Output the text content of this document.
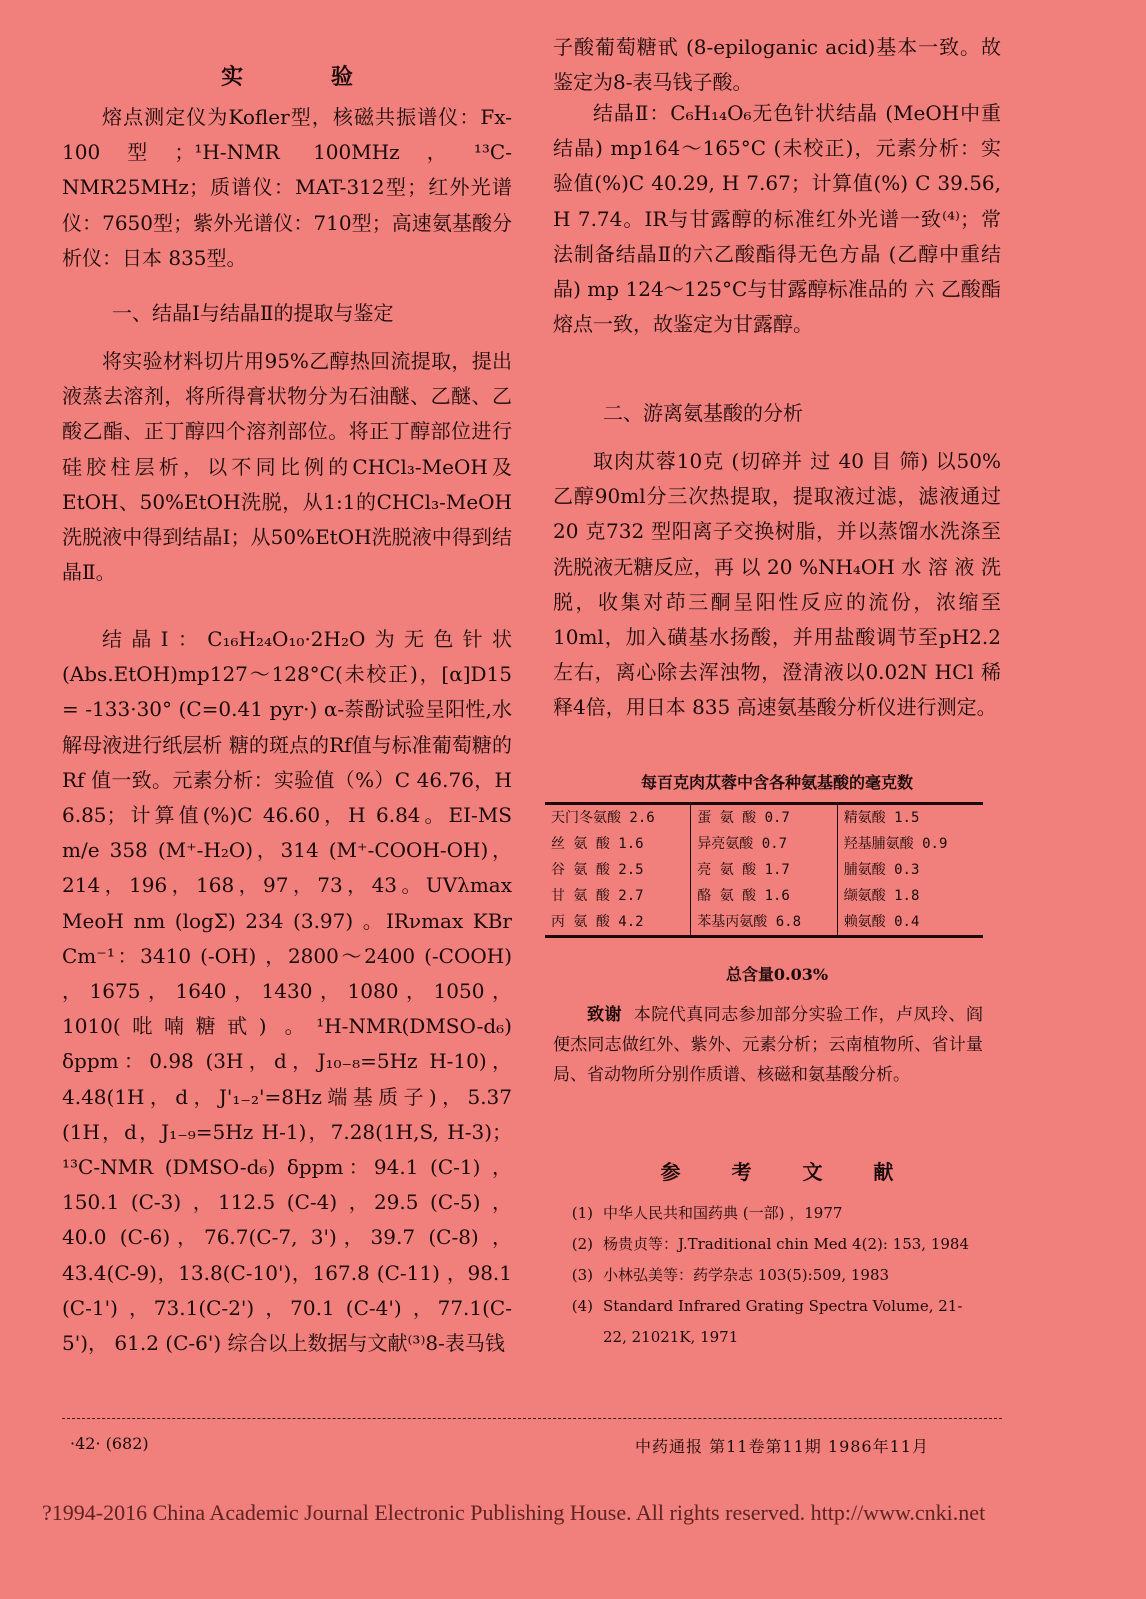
实 验

熔点测定仪为Kofler型，核磁共振谱仪：Fx-100型；¹H-NMR 100MHz，¹³C-NMR25MHz；质谱仪：MAT-312型；红外光谱仪：7650型；紫外光谱仪：710型；高速氨基酸分析仪：日本 835型。

一、结晶Ⅰ与结晶Ⅱ的提取与鉴定

将实验材料切片用95%乙醇热回流提取，提出液蒸去溶剂，将所得膏状物分为石油醚、乙醚、乙酸乙酯、正丁醇四个溶剂部位。将正丁醇部位进行硅胶柱层析，以不同比例的CHCl₃-MeOH及EtOH、50%EtOH洗脱，从1:1的CHCl₃-MeOH洗脱液中得到结晶Ⅰ；从50%EtOH洗脱液中得到结晶Ⅱ。

结晶Ⅰ：C₁₆H₂₄O₁₀·2H₂O为无色针状(Abs.EtOH)mp127～128°C(未校正)，[α]D15 = -133·30° (C=0.41 pyr·) α-萘酚试验呈阳性,水解母液进行纸层析 糖的斑点的Rf值与标准葡萄糖的 Rf 值一致。元素分析：实验值（%）C 46.76，H 6.85；计算值(%)C 46.60，H 6.84。EI-MS m/e 358 (M⁺-H₂O)，314 (M⁺-COOH-OH)，214，196，168，97，73，43。UVλmax MeoH nm (logΣ) 234 (3.97) 。IRνmax KBr Cm⁻¹：3410 (-OH) ，2800～2400 (-COOH) ，1675，1640，1430，1080，1050，1010(吡喃糖甙) 。¹H-NMR(DMSO-d₆) δppm：0.98 (3H，d，J₁₀₋₈=5Hz H-10)，4.48(1H，d，J'₁₋₂'=8Hz端基质子)，5.37 (1H，d，J₁₋₉=5Hz H-1)，7.28(1H,S, H-3)；¹³C-NMR (DMSO-d₆) δppm：94.1 (C-1) ，150.1 (C-3) ，112.5 (C-4) ，29.5 (C-5) ，40.0 (C-6)，76.7(C-7, 3')，39.7 (C-8) ，43.4(C-9)，13.8(C-10')，167.8 (C-11) ，98.1 (C-1') ，73.1(C-2') ，70.1 (C-4') ，77.1(C-5')， 61.2 (C-6') 综合以上数据与文献⁽³⁾8-表马钱

子酸葡萄糖甙 (8-epiloganic acid)基本一致。故鉴定为8-表马钱子酸。

结晶Ⅱ：C₆H₁₄O₆无色针状结晶 (MeOH中重结晶) mp164～165°C (未校正)，元素分析：实验值(%)C 40.29, H 7.67；计算值(%) C 39.56, H 7.74。IR与甘露醇的标准红外光谱一致⁽⁴⁾；常法制备结晶Ⅱ的六乙酸酯得无色方晶 (乙醇中重结晶) mp 124～125°C与甘露醇标准品的 六 乙酸酯熔点一致，故鉴定为甘露醇。

二、游离氨基酸的分析

取肉苁蓉10克 (切碎并 过 40 目 筛) 以50%乙醇90ml分三次热提取，提取液过滤，滤液通过20 克732 型阳离子交换树脂，并以蒸馏水洗涤至洗脱液无糖反应，再 以 20 %NH₄OH 水 溶 液 洗 脱，收集对茚三酮呈阳性反应的流份，浓缩至 10ml，加入磺基水扬酸，并用盐酸调节至pH2.2左右，离心除去浑浊物，澄清液以0.02N HCl 稀释4倍，用日本 835 高速氨基酸分析仪进行测定。

每百克肉苁蓉中含各种氨基酸的毫克数
天门冬氨酸 2.6	蛋 氨 酸 0.7	精氨酸 1.5
丝 氨 酸 1.6	异亮氨酸 0.7	羟基脯氨酸 0.9
谷 氨 酸 2.5	亮 氨 酸 1.7	脯氨酸 0.3
甘 氨 酸 2.7	酪 氨 酸 1.6	缬氨酸 1.8
丙 氨 酸 4.2	苯基丙氨酸 6.8	赖氨酸 0.4
总含量0.03%

致谢 本院代真同志参加部分实验工作，卢凤玲、阎便杰同志做红外、紫外、元素分析；云南植物所、省计量局、省动物所分别作质谱、核磁和氨基酸分析。

参 考 文 献
(1) 中华人民共和国药典 (一部) ，1977
(2) 杨贵贞等：J.Traditional chin Med 4(2): 153, 1984
(3) 小林弘美等：药学杂志 103(5):509, 1983
(4) Standard Infrared Grating Spectra Volume, 21-22, 21021K, 1971
·42· (682)	中药通报 第11卷第11期 1986年11月
?1994-2016 China Academic Journal Electronic Publishing House. All rights reserved. http://www.cnki.net
